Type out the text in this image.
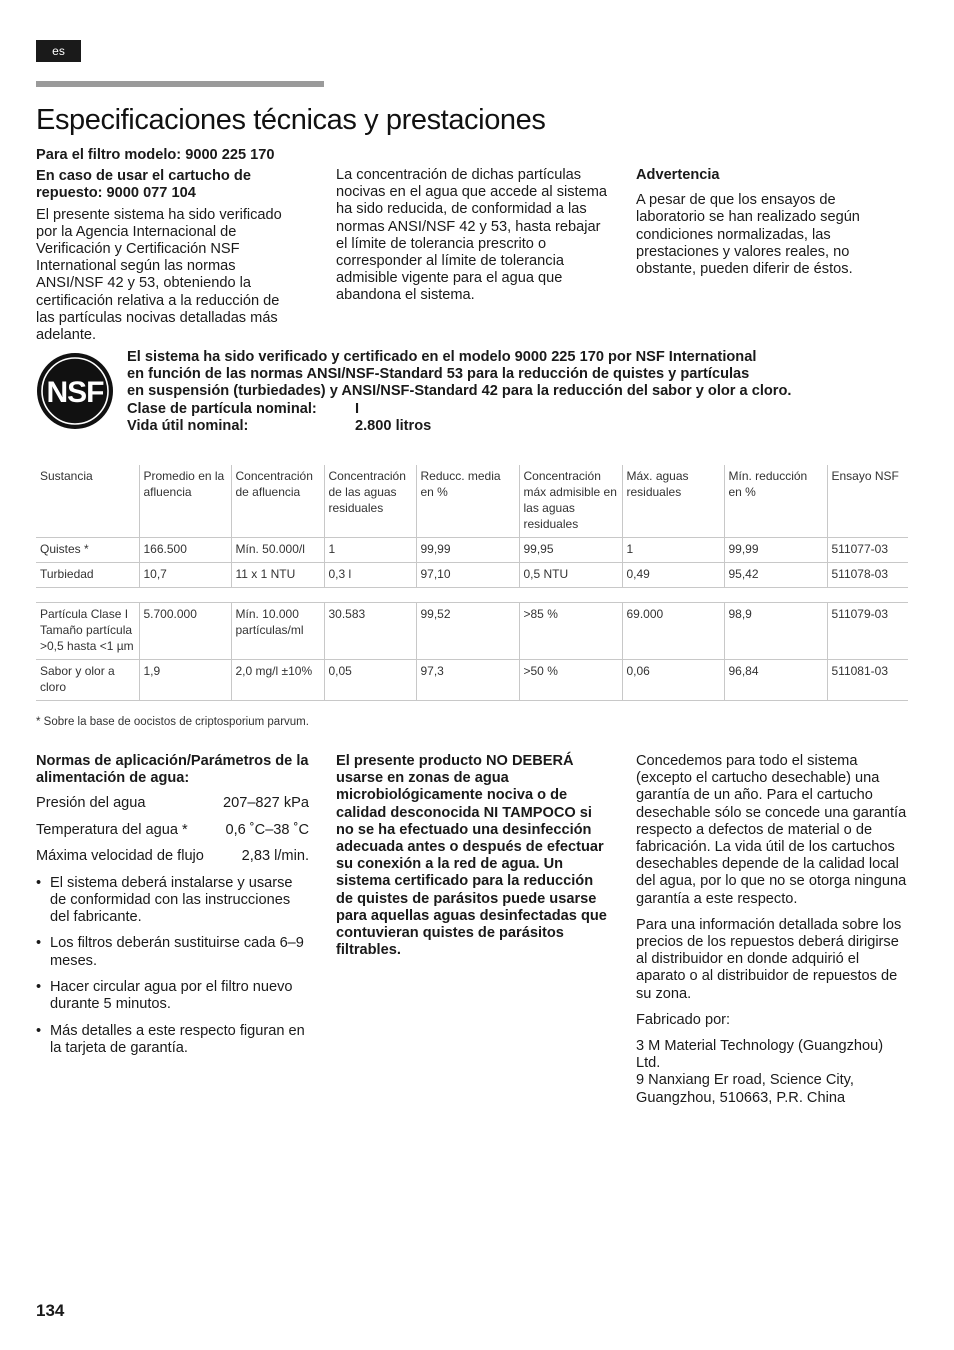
es
Especificaciones técnicas y prestaciones

Para el filtro modelo: 9000 225 170

En caso de usar el cartucho de repuesto: 9000 077 104

El presente sistema ha sido verificado por la Agencia Internacional de Verificación y Certificación NSF International según las normas ANSI/NSF 42 y 53, obteniendo la certificación relativa a la reducción de las partículas nocivas detalladas más adelante.

La concentración de dichas partículas nocivas en el agua que accede al sistema ha sido reducida, de conformidad a las normas ANSI/NSF 42 y 53, hasta rebajar el límite de tolerancia prescrito o corresponder al límite de tolerancia admisible vigente para el agua que abandona el sistema.

Advertencia

A pesar de que los ensayos de laboratorio se han realizado según condiciones normalizadas, las prestaciones y valores reales, no obstante, pueden diferir de éstos.

NSF
El sistema ha sido verificado y certificado en el modelo 9000 225 170 por NSF International
en función de las normas ANSI/NSF-Standard 53 para la reducción de quistes y partículas
en suspensión (turbiedades) y ANSI/NSF-Standard 42 para la reducción del sabor y olor a cloro.
Clase de partícula nominal:	I
Vida útil nominal:	2.800 litros
Sustancia	Promedio en la afluencia	Concentración de afluencia	Concentración de las aguas residuales	Reducc. media en %	Concentración máx admisible en las aguas residuales	Máx. aguas residuales	Mín. reducción en %	Ensayo NSF
Quistes *	166.500	Mín. 50.000/l	1	99,99	99,95	1	99,99	511077-03
Turbiedad	10,7	11 x 1 NTU	0,3 l	97,10	0,5 NTU	0,49	95,42	511078-03

Partícula Clase I Tamaño partícula >0,5 hasta <1 µm	5.700.000	Mín. 10.000 partículas/ml	30.583	99,52	>85 %	69.000	98,9	511079-03
Sabor y olor a cloro	1,9	2,0 mg/l ±10%	0,05	97,3	>50 %	0,06	96,84	511081-03
* Sobre la base de oocistos de criptosporium parvum.

Normas de aplicación/Parámetros de la alimentación de agua:

Presión del agua	207–827 kPa
Temperatura del agua *	0,6 ˚C–38 ˚C
Máxima velocidad de flujo	2,83 l/min.
• El sistema deberá instalarse y usarse de conformidad con las instrucciones del fabricante.
• Los filtros deberán sustituirse cada 6–9 meses.
• Hacer circular agua por el filtro nuevo durante 5 minutos.
• Más detalles a este respecto figuran en la tarjeta de garantía.

El presente producto NO DEBERÁ usarse en zonas de agua microbiológicamente nociva o de calidad desconocida NI TAMPOCO si no se ha efectuado una desinfección adecuada antes o después de efectuar su conexión a la red de agua. Un sistema certificado para la reducción de quistes de parásitos puede usarse para aquellas aguas desinfectadas que contuvieran quistes de parásitos filtrables.

Concedemos para todo el sistema (excepto el cartucho desechable) una garantía de un año. Para el cartucho desechable sólo se concede una garantía respecto a defectos de material o de fabricación. La vida útil de los cartuchos desechables depende de la calidad local del agua, por lo que no se otorga ninguna garantía a este respecto.

Para una información detallada sobre los precios de los repuestos deberá dirigirse al distribuidor en donde adquirió el aparato o al distribuidor de repuestos de su zona.

Fabricado por:

3 M Material Technology (Guangzhou) Ltd.

9 Nanxiang Er road, Science City, Guangzhou, 510663, P.R. China

134
